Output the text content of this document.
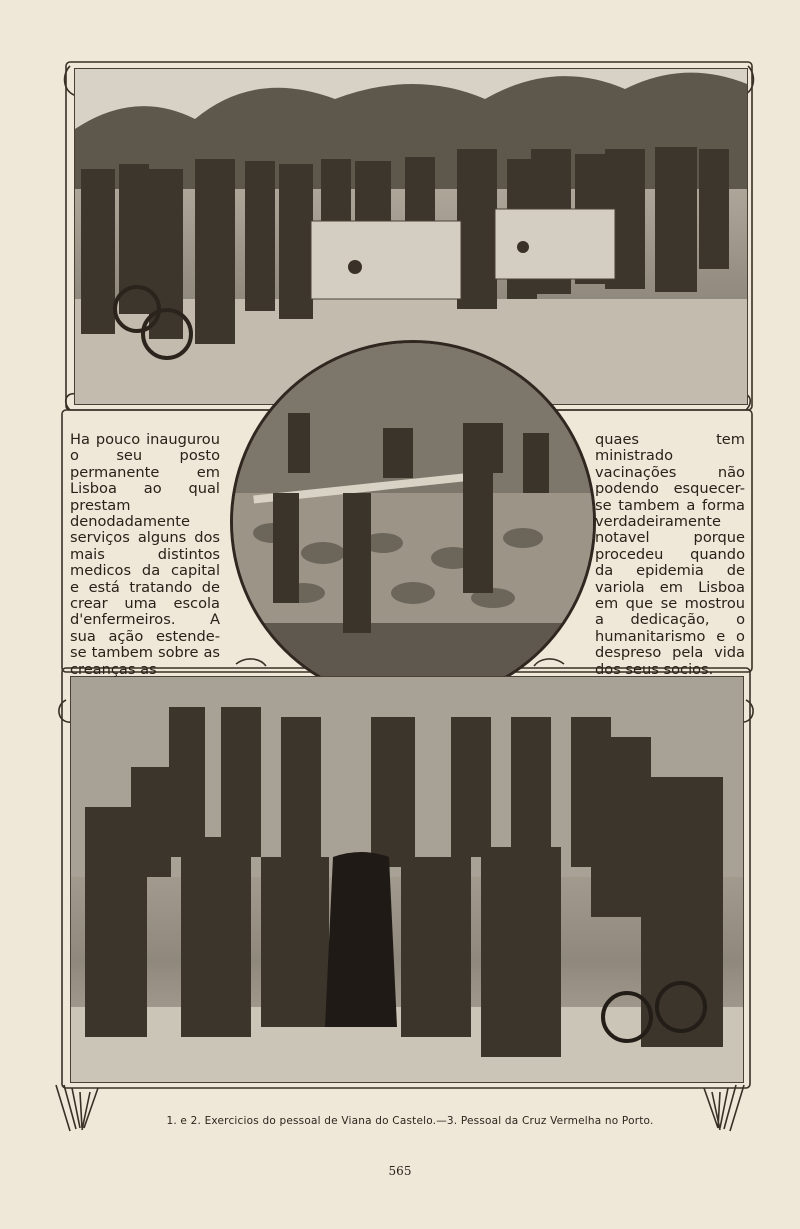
Ha pouco inaugurou o seu posto permanente em Lisboa ao qual prestam denodadamente serviços alguns dos mais distintos medicos da capital e está tratando de crear uma escola d'enfermeiros. A sua ação estende-se tambem sobre as creanças as
quaes tem ministrado vacinações não podendo esquecer-se tambem a forma verdadeiramente notavel porque procedeu quando da epidemia de variola em Lisboa em que se mostrou a dedicação, o humanitarismo e o despreso pela vida dos seus socios.
1. e 2. Exercicios do pessoal de Viana do Castelo.—3. Pessoal da Cruz Vermelha no Porto.
565
